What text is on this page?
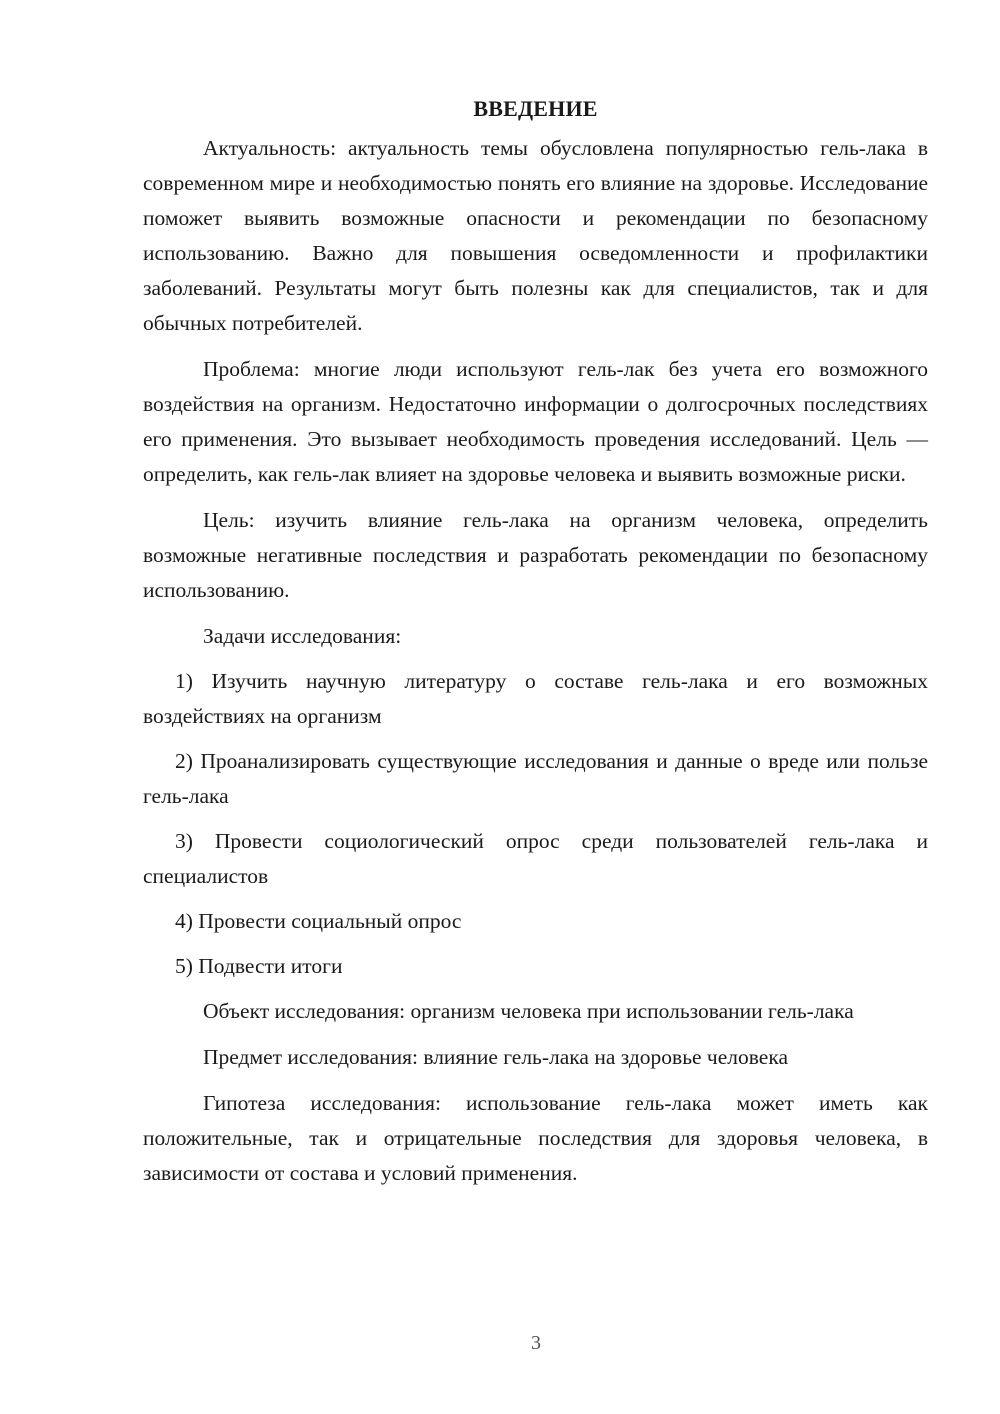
ВВЕДЕНИЕ

Актуальность: актуальность темы обусловлена популярностью гель-лака в современном мире и необходимостью понять его влияние на здоровье. Исследование поможет выявить возможные опасности и рекомендации по безопасному использованию. Важно для повышения осведомленности и профилактики заболеваний. Результаты могут быть полезны как для специалистов, так и для обычных потребителей.

Проблема: многие люди используют гель-лак без учета его возможного воздействия на организм. Недостаточно информации о долгосрочных последствиях его применения. Это вызывает необходимость проведения исследований. Цель — определить, как гель-лак влияет на здоровье человека и выявить возможные риски.

Цель: изучить влияние гель-лака на организм человека, определить возможные негативные последствия и разработать рекомендации по безопасному использованию.

Задачи исследования:

1) Изучить научную литературу о составе гель-лака и его возможных воздействиях на организм

2) Проанализировать существующие исследования и данные о вреде или пользе гель-лака

3) Провести социологический опрос среди пользователей гель-лака и специалистов

4) Провести социальный опрос

5) Подвести итоги

Объект исследования: организм человека при использовании гель-лака

Предмет исследования: влияние гель-лака на здоровье человека

Гипотеза исследования: использование гель-лака может иметь как положительные, так и отрицательные последствия для здоровья человека, в зависимости от состава и условий применения.

3
